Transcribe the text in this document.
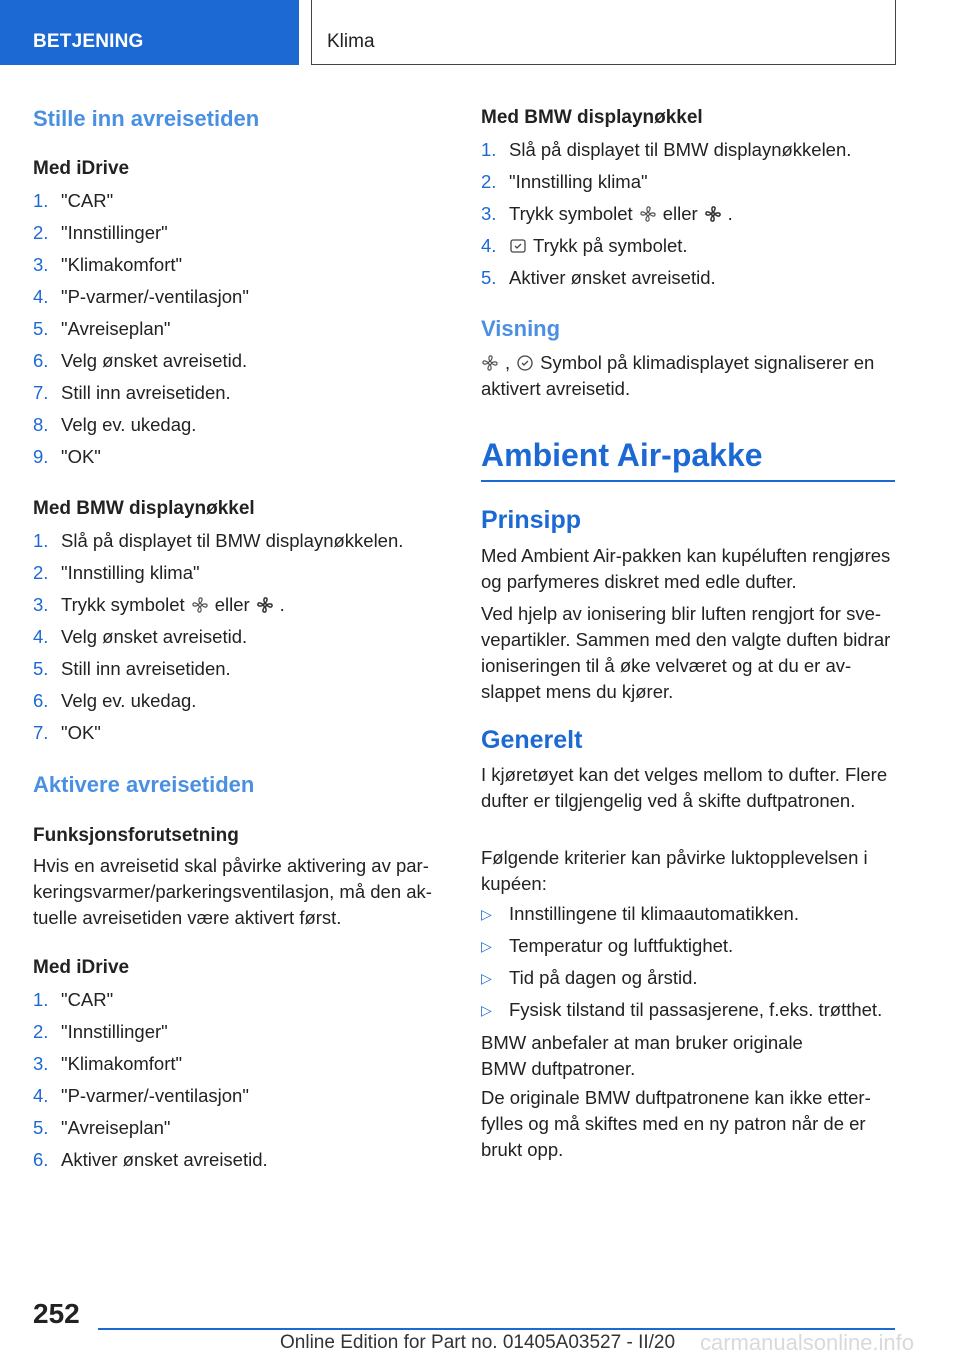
BETJENING	Klima
Stille inn avreisetiden
Med iDrive
1. "CAR"
2. "Innstillinger"
3. "Klimakomfort"
4. "P-varmer/-ventilasjon"
5. "Avreiseplan"
6. Velg ønsket avreisetid.
7. Still inn avreisetiden.
8. Velg ev. ukedag.
9. "OK"
Med BMW displaynøkkel
1. Slå på displayet til BMW displaynøkkelen.
2. "Innstilling klima"
3. Trykk symbolet eller .
4. Velg ønsket avreisetid.
5. Still inn avreisetiden.
6. Velg ev. ukedag.
7. "OK"
Aktivere avreisetiden
Funksjonsforutsetning
Hvis en avreisetid skal påvirke aktivering av parkeringsvarmer/parkeringsventilasjon, må den aktuelle avreisetiden være aktivert først.
Med iDrive
1. "CAR"
2. "Innstillinger"
3. "Klimakomfort"
4. "P-varmer/-ventilasjon"
5. "Avreiseplan"
6. Aktiver ønsket avreisetid.
Med BMW displaynøkkel
1. Slå på displayet til BMW displaynøkkelen.
2. "Innstilling klima"
3. Trykk symbolet eller .
4.	Trykk på symbolet.
5. Aktiver ønsket avreisetid.
Visning
, Symbol på klimadisplayet signaliserer en
aktivert avreisetid.
Ambient Air-pakke
Prinsipp
Med Ambient Air-pakken kan kupéluften rengjøres og parfymeres diskret med edle dufter.
Ved hjelp av ionisering blir luften rengjort for svevepartikler. Sammen med den valgte duften bidrar ioniseringen til å øke velværet og at du er avslappet mens du kjører.
Generelt
I kjøretøyet kan det velges mellom to dufter. Flere dufter er tilgjengelig ved å skifte duftpatronen.
Følgende kriterier kan påvirke luktopplevelsen i kupéen:
▷ Innstillingene til klimaautomatikken.
▷ Temperatur og luftfuktighet.
▷ Tid på dagen og årstid.
▷ Fysisk tilstand til passasjerene, f.eks. trøtthet.
BMW anbefaler at man bruker originale BMW duftpatroner.
De originale BMW duftpatronene kan ikke etterfylles og må skiftes med en ny patron når de er brukt opp.
252
Online Edition for Part no. 01405A03527 - II/20 carmanualsonline.info
